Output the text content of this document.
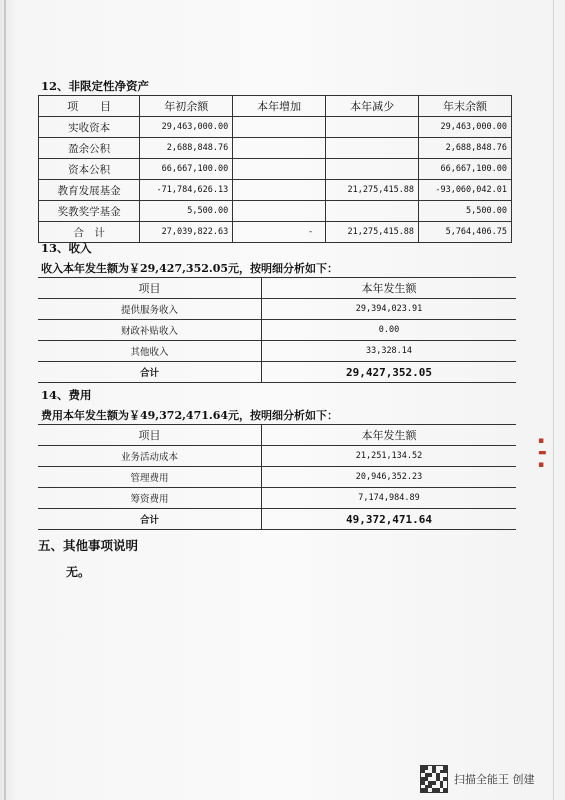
12、非限定性净资产
项　　目	年初余额	本年增加	本年减少	年末余额
实收资本	29,463,000.00			29,463,000.00
盈余公积	2,688,848.76			2,688,848.76
资本公积	66,667,100.00			66,667,100.00
教育发展基金	-71,784,626.13		21,275,415.88	-93,060,042.01
奖教奖学基金	5,500.00			5,500.00
合　计	27,039,822.63	-	21,275,415.88	5,764,406.75
13、收入
收入本年发生额为￥29,427,352.05元，按明细分析如下：
项目	本年发生额
提供服务收入	29,394,023.91
财政补贴收入	0.00
其他收入	33,328.14
合计	29,427,352.05
14、费用
费用本年发生额为￥49,372,471.64元，按明细分析如下：
项目	本年发生额
业务活动成本	21,251,134.52
管理费用	20,946,352.23
筹资费用	7,174,984.89
合计	49,372,471.64
五、其他事项说明
无。
▪
▬
▪
扫描全能王 创建
